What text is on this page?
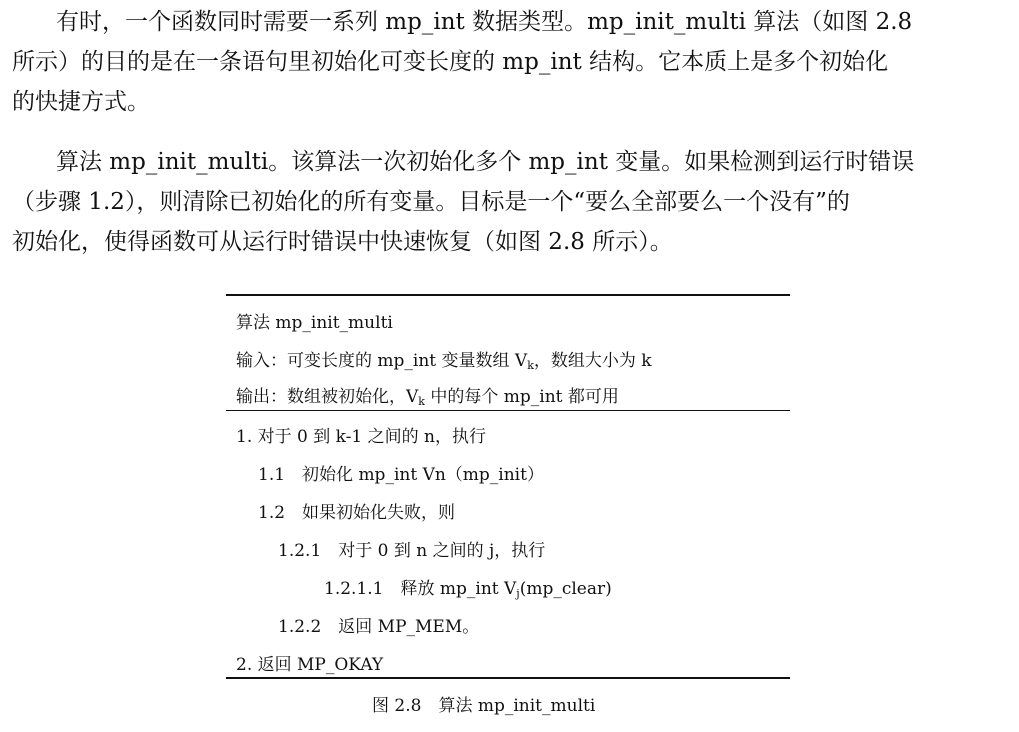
有时，一个函数同时需要一系列 mp_int 数据类型。mp_init_multi 算法（如图 2.8
所示）的目的是在一条语句里初始化可变长度的 mp_int 结构。它本质上是多个初始化
的快捷方式。
算法 mp_init_multi。该算法一次初始化多个 mp_int 变量。如果检测到运行时错误
（步骤 1.2），则清除已初始化的所有变量。目标是一个“要么全部要么一个没有”的
初始化，使得函数可从运行时错误中快速恢复（如图 2.8 所示）。
算法 mp_init_multi
输入：可变长度的 mp_int 变量数组 $V_k$，数组大小为 k
输出：数组被初始化，$V_k$ 中的每个 mp_int 都可用
1. 对于 0 到 k-1 之间的 n，执行
1.1　初始化 mp_int Vn（mp_init）
1.2　如果初始化失败，则
1.2.1　对于 0 到 n 之间的 j，执行
1.2.1.1　释放 mp_int $V_j(mp\_clear)$
1.2.2　返回 MP_MEM。
2. 返回 MP_OKAY
图 2.8　算法 mp_init_multi
